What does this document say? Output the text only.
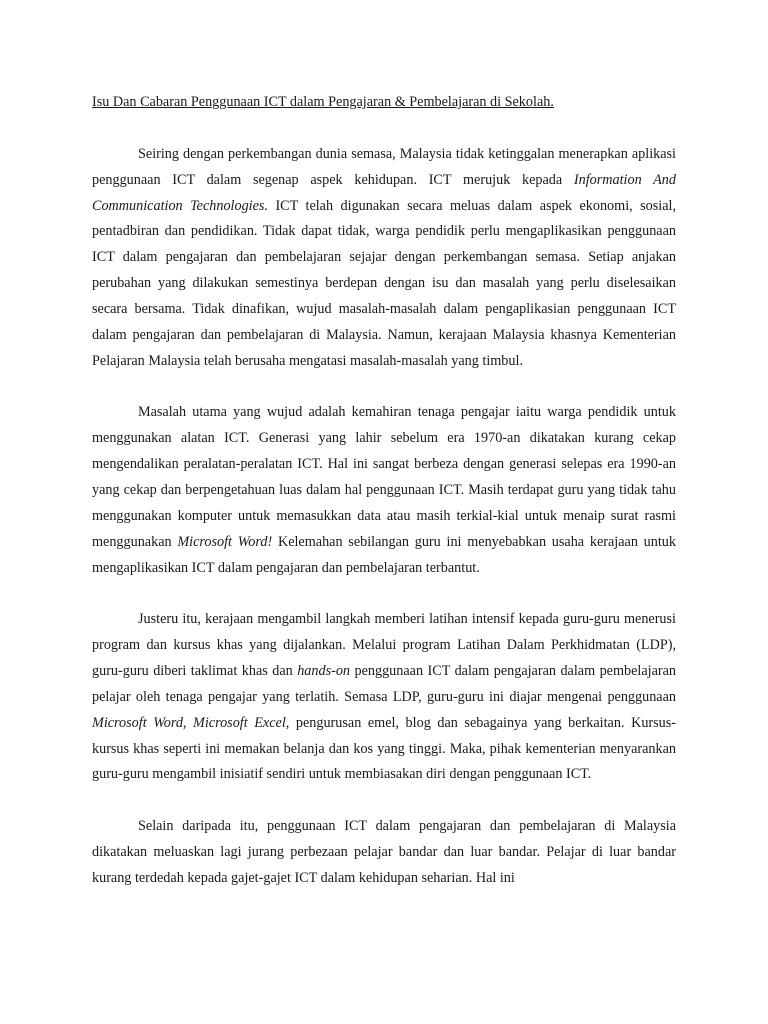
Isu Dan Cabaran Penggunaan ICT dalam Pengajaran & Pembelajaran di Sekolah.

Seiring dengan perkembangan dunia semasa, Malaysia tidak ketinggalan menerapkan aplikasi penggunaan ICT dalam segenap aspek kehidupan. ICT merujuk kepada Information And Communication Technologies. ICT telah digunakan secara meluas dalam aspek ekonomi, sosial, pentadbiran dan pendidikan. Tidak dapat tidak, warga pendidik perlu mengaplikasikan penggunaan ICT dalam pengajaran dan pembelajaran sejajar dengan perkembangan semasa. Setiap anjakan perubahan yang dilakukan semestinya berdepan dengan isu dan masalah yang perlu diselesaikan secara bersama. Tidak dinafikan, wujud masalah-masalah dalam pengaplikasian penggunaan ICT dalam pengajaran dan pembelajaran di Malaysia. Namun, kerajaan Malaysia khasnya Kementerian Pelajaran Malaysia telah berusaha mengatasi masalah-masalah yang timbul.

Masalah utama yang wujud adalah kemahiran tenaga pengajar iaitu warga pendidik untuk menggunakan alatan ICT. Generasi yang lahir sebelum era 1970-an dikatakan kurang cekap mengendalikan peralatan-peralatan ICT. Hal ini sangat berbeza dengan generasi selepas era 1990-an yang cekap dan berpengetahuan luas dalam hal penggunaan ICT. Masih terdapat guru yang tidak tahu menggunakan komputer untuk memasukkan data atau masih terkial-kial untuk menaip surat rasmi menggunakan Microsoft Word! Kelemahan sebilangan guru ini menyebabkan usaha kerajaan untuk mengaplikasikan ICT dalam pengajaran dan pembelajaran terbantut.

Justeru itu, kerajaan mengambil langkah memberi latihan intensif kepada guru-guru menerusi program dan kursus khas yang dijalankan. Melalui program Latihan Dalam Perkhidmatan (LDP), guru-guru diberi taklimat khas dan hands-on penggunaan ICT dalam pengajaran dalam pembelajaran pelajar oleh tenaga pengajar yang terlatih. Semasa LDP, guru-guru ini diajar mengenai penggunaan Microsoft Word, Microsoft Excel, pengurusan emel, blog dan sebagainya yang berkaitan. Kursus-kursus khas seperti ini memakan belanja dan kos yang tinggi. Maka, pihak kementerian menyarankan guru-guru mengambil inisiatif sendiri untuk membiasakan diri dengan penggunaan ICT.

Selain daripada itu, penggunaan ICT dalam pengajaran dan pembelajaran di Malaysia dikatakan meluaskan lagi jurang perbezaan pelajar bandar dan luar bandar. Pelajar di luar bandar kurang terdedah kepada gajet-gajet ICT dalam kehidupan seharian. Hal ini
